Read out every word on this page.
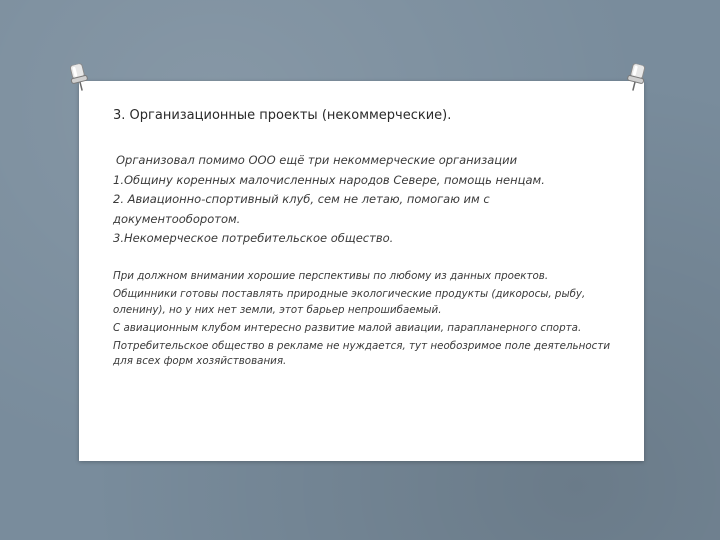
3. Организационные проекты (некоммерческие).
Организовал помимо ООО ещё три некоммерческие организации
1.Общину коренных малочисленных народов Севере, помощь ненцам.
2. Авиационно-спортивный клуб, сем не летаю, помогаю им с
документооборотом.
3.Некомерческое потребительское общество.
При должном внимании хорошие перспективы по любому из данных проектов.
Общинники готовы поставлять природные экологические продукты (дикоросы, рыбу, оленину), но у них нет земли, этот барьер непрошибаемый.
С авиационным клубом интересно развитие малой авиации, парапланерного спорта.
Потребительское общество в рекламе не нуждается, тут необозримое поле деятельности для всех форм хозяйствования.
